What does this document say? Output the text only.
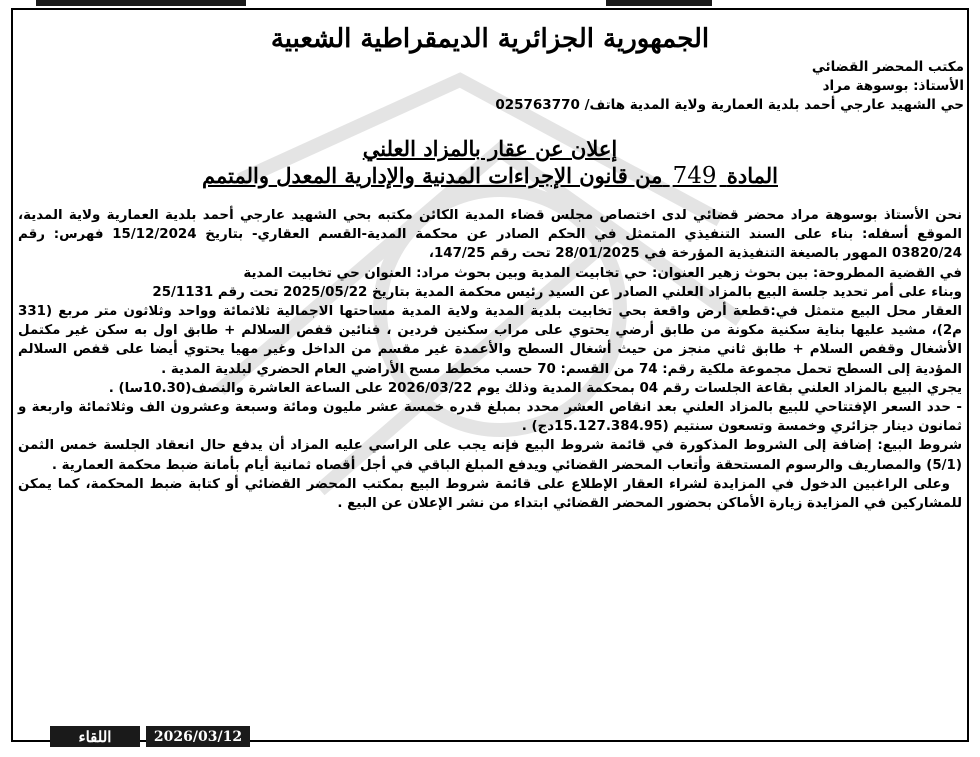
الجمهورية الجزائرية الديمقراطية الشعبية
مكتب المحضر القضائي
الأستاذ: بوسوهة مراد
حي الشهيد عارجي أحمد بلدية العمارية ولاية المدية هاتف/ 025763770
إعلان عن عقار بالمزاد العلني
المادة 749 من قانون الإجراءات المدنية والإدارية المعدل والمتمم

نحن الأستاذ بوسوهة مراد محضر قضائي لدى اختصاص مجلس قضاء المدية الكائن مكتبه بحي الشهيد عارجي أحمد بلدية العمارية ولاية المدية، الموقع أسفله: بناء على السند التنفيذي المتمثل في الحكم الصادر عن محكمة المدية-القسم العقاري- بتاريخ 15/12/2024 فهرس: رقم 03820/24 المهور بالصيغة التنفيذية المؤرخة في 28/01/2025 تحت رقم 147/25،

في القضية المطروحة: بين بحوث زهير العنوان: حي تخابيت المدية وبين بحوث مراد: العنوان حي تخابيت المدية

وبناء على أمر تحديد جلسة البيع بالمزاد العلني الصادر عن السيد رئيس محكمة المدية بتاريخ 2025/05/22 تحت رقم 25/1131

العقار محل البيع متمثل في:قطعة أرض واقعة بحي تخابيت بلدية المدية ولاية المدية مساحتها الاجمالية ثلاثمائة وواحد وثلاثون متر مربع (331 م2)، مشيد عليها بناية سكنية مكونة من طابق أرضي يحتوي على مراب سكنين فردين ، فنائين قفص السلالم + طابق اول به سكن غير مكتمل الأشغال وقفص السلام + طابق ثاني منجز من حيث أشغال السطح والأعمدة غير مقسم من الداخل وغير مهيا يحتوي أيضا على قفص السلالم المؤدية إلى السطح تحمل مجموعة ملكية رقم: 74 من القسم: 70 حسب مخطط مسح الأراضي العام الحضري لبلدية المدية .

يجري البيع بالمزاد العلني بقاعة الجلسات رقم 04 بمحكمة المدية وذلك يوم 2026/03/22 على الساعة العاشرة والنصف(10.30سا) .

- حدد السعر الإفتتاحي للبيع بالمزاد العلني بعد انقاص العشر محدد بمبلغ قدره خمسة عشر مليون ومائة وسبعة وعشرون الف وثلاثمائة واربعة و ثمانون دينار جزائري وخمسة وتسعون سنتيم (15.127.384.95دج) .

شروط البيع: إضافة إلى الشروط المذكورة في قائمة شروط البيع فإنه يجب على الراسي عليه المزاد أن يدفع حال انعقاد الجلسة خمس الثمن (5/1) والمصاريف والرسوم المستحقة وأتعاب المحضر القضائي ويدفع المبلغ الباقي في أجل أقصاه ثمانية أيام بأمانة ضبط محكمة العمارية .

وعلى الراغبين الدخول في المزايدة لشراء العقار الإطلاع على قائمة شروط البيع بمكتب المحضر القضائي أو كتابة ضبط المحكمة، كما يمكن للمشاركين في المزايدة زيارة الأماكن بحضور المحضر القضائي ابتداء من نشر الإعلان عن البيع .

اللقاء	2026/03/12
